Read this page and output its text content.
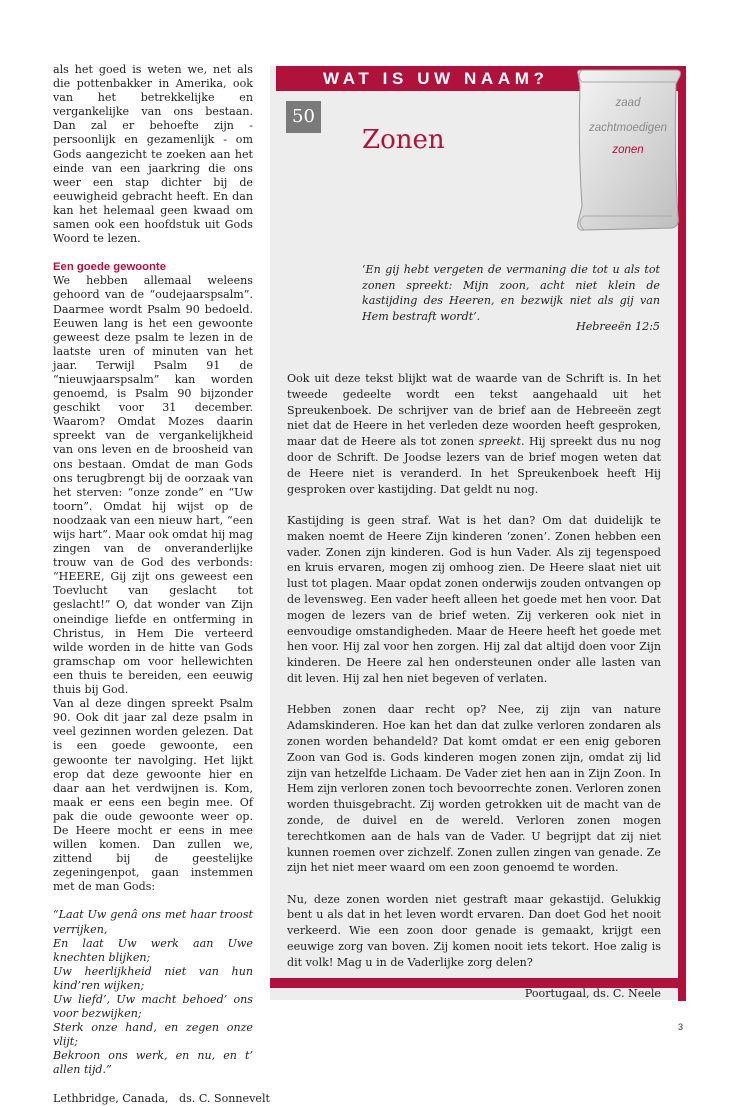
als het goed is weten we, net als die pottenbakker in Amerika, ook van het betrekkelijke en vergankelijke van ons bestaan. Dan zal er behoefte zijn - persoonlijk en gezamenlijk - om Gods aangezicht te zoeken aan het einde van een jaarkring die ons weer een stap dichter bij de eeuwigheid gebracht heeft. En dan kan het helemaal geen kwaad om samen ook een hoofdstuk uit Gods Woord te lezen.

Een goede gewoonte

We hebben allemaal weleens gehoord van de “oudejaarspsalm”. Daarmee wordt Psalm 90 bedoeld. Eeuwen lang is het een gewoonte geweest deze psalm te lezen in de laatste uren of minuten van het jaar. Terwijl Psalm 91 de “nieuwjaarspsalm” kan worden genoemd, is Psalm 90 bijzonder geschikt voor 31 december. Waarom? Omdat Mozes daarin spreekt van de vergankelijkheid van ons leven en de broosheid van ons bestaan. Omdat de man Gods ons terugbrengt bij de oorzaak van het sterven: “onze zonde” en “Uw toorn”. Omdat hij wijst op de noodzaak van een nieuw hart, “een wijs hart”. Maar ook omdat hij mag zingen van de onveranderlijke trouw van de God des verbonds: “HEERE, Gij zijt ons geweest een Toevlucht van geslacht tot geslacht!” O, dat wonder van Zijn oneindige liefde en ontferming in Christus, in Hem Die verteerd wilde worden in de hitte van Gods gramschap om voor hellewichten een thuis te bereiden, een eeuwig thuis bij God.

Van al deze dingen spreekt Psalm 90. Ook dit jaar zal deze psalm in veel gezinnen worden gelezen. Dat is een goede gewoonte, een gewoonte ter navolging. Het lijkt erop dat deze gewoonte hier en daar aan het verdwijnen is. Kom, maak er eens een begin mee. Of pak die oude gewoonte weer op. De Heere mocht er eens in mee willen komen. Dan zullen we, zittend bij de geestelijke zegeningenpot, gaan instemmen met de man Gods:

“Laat Uw genâ ons met haar troost verrijken,

En laat Uw werk aan Uwe knechten blijken;

Uw heerlijkheid niet van hun kind’ren wijken;

Uw liefd’, Uw macht behoed’ ons voor bezwijken;

Sterk onze hand, en zegen onze vlijt;

Bekroon ons werk, en nu, en t’ allen tijd.”

Lethbridge, Canada,   ds. C. Sonnevelt

WAT IS UW NAAM?
50
Zonen
zaad
zachtmoedigen
zonen
‘En gij hebt vergeten de vermaning die tot u als tot zonen spreekt: Mijn zoon, acht niet klein de kastijding des Heeren, en bezwijk niet als gij van Hem bestraft wordt’.
Hebreeën 12:5

Ook uit deze tekst blijkt wat de waarde van de Schrift is. In het tweede gedeelte wordt een tekst aangehaald uit het Spreukenboek. De schrijver van de brief aan de Hebreeën zegt niet dat de Heere in het verleden deze woorden heeft gesproken, maar dat de Heere als tot zonen spreekt. Hij spreekt dus nu nog door de Schrift. De Joodse lezers van de brief mogen weten dat de Heere niet is veranderd. In het Spreukenboek heeft Hij gesproken over kastijding. Dat geldt nu nog.

Kastijding is geen straf. Wat is het dan? Om dat duidelijk te maken noemt de Heere Zijn kinderen ‘zonen’. Zonen hebben een vader. Zonen zijn kinderen. God is hun Vader. Als zij tegenspoed en kruis ervaren, mogen zij omhoog zien. De Heere slaat niet uit lust tot plagen. Maar opdat zonen onderwijs zouden ontvangen op de levensweg. Een vader heeft alleen het goede met hen voor. Dat mogen de lezers van de brief weten. Zij verkeren ook niet in eenvoudige omstandigheden. Maar de Heere heeft het goede met hen voor. Hij zal voor hen zorgen. Hij zal dat altijd doen voor Zijn kinderen. De Heere zal hen ondersteunen onder alle lasten van dit leven. Hij zal hen niet begeven of verlaten.

Hebben zonen daar recht op? Nee, zij zijn van nature Adamskinderen. Hoe kan het dan dat zulke verloren zondaren als zonen worden behandeld? Dat komt omdat er een enig geboren Zoon van God is. Gods kinderen mogen zonen zijn, omdat zij lid zijn van hetzelfde Lichaam. De Vader ziet hen aan in Zijn Zoon. In Hem zijn verloren zonen toch bevoorrechte zonen. Verloren zonen worden thuisgebracht. Zij worden getrokken uit de macht van de zonde, de duivel en de wereld. Verloren zonen mogen terechtkomen aan de hals van de Vader. U begrijpt dat zij niet kunnen roemen over zichzelf. Zonen zullen zingen van genade. Ze zijn het niet meer waard om een zoon genoemd te worden.

Nu, deze zonen worden niet gestraft maar gekastijd. Gelukkig bent u als dat in het leven wordt ervaren. Dan doet God het nooit verkeerd. Wie een zoon door genade is gemaakt, krijgt een eeuwige zorg van boven. Zij komen nooit iets tekort. Hoe zalig is dit volk! Mag u in de Vaderlijke zorg delen?

Poortugaal, ds. C. Neele

3
